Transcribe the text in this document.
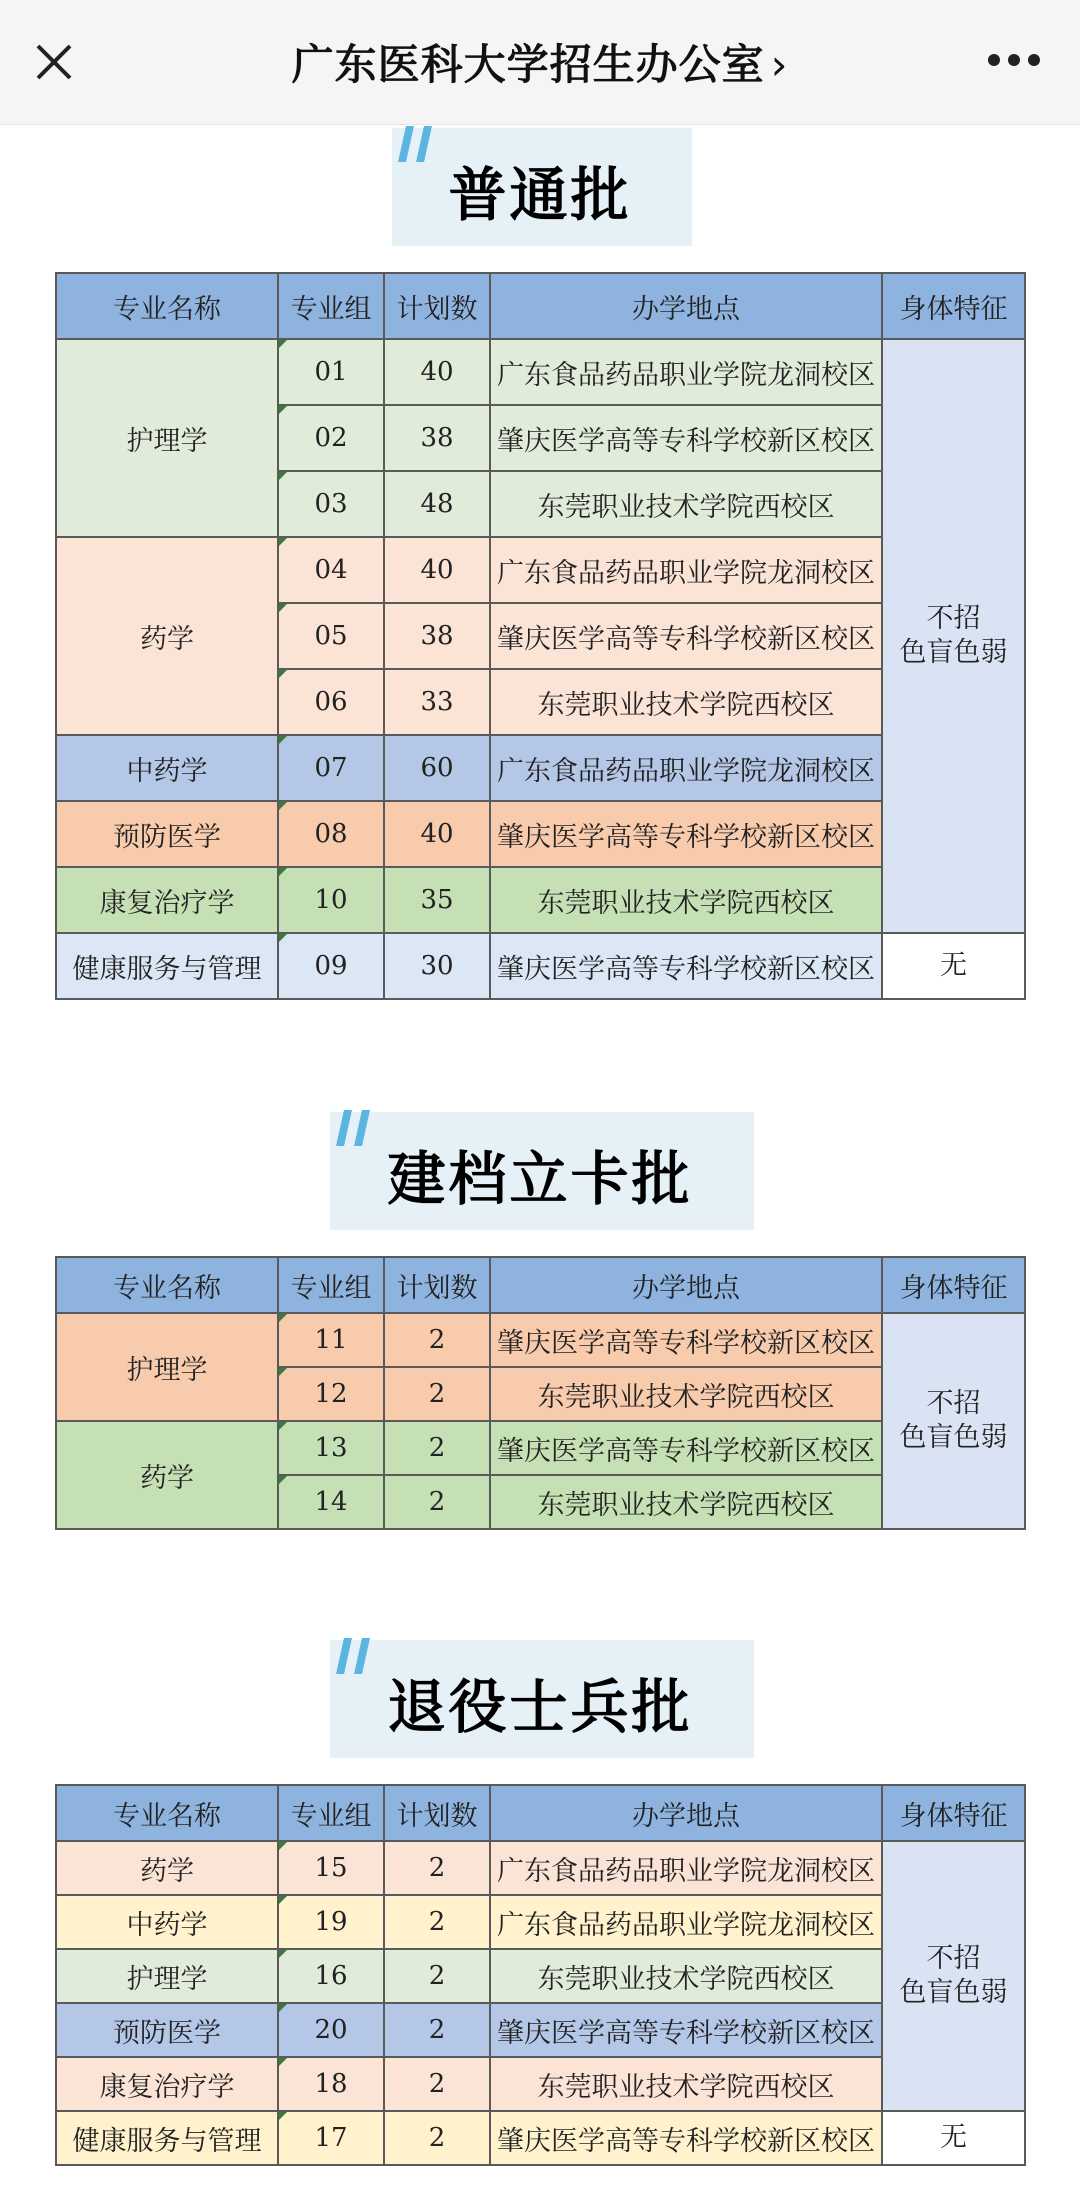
广东医科大学招生办公室 ›
普通批
专业名称	专业组	计划数	办学地点	身体特征
护理学	01	40	广东食品药品职业学院龙洞校区	不招
色盲色弱

02	38	肇庆医学高等专科学校新区校区	

03	48	东莞职业技术学院西校区	
药学	04	40	广东食品药品职业学院龙洞校区	

05	38	肇庆医学高等专科学校新区校区	

06	33	东莞职业技术学院西校区	
中药学	07	60	广东食品药品职业学院龙洞校区	
预防医学	08	40	肇庆医学高等专科学校新区校区	
康复治疗学	10	35	东莞职业技术学院西校区	
健康服务与管理	09	30	肇庆医学高等专科学校新区校区	无
建档立卡批
专业名称	专业组	计划数	办学地点	身体特征
护理学	11	2	肇庆医学高等专科学校新区校区	不招
色盲色弱

12	2	东莞职业技术学院西校区	
药学	13	2	肇庆医学高等专科学校新区校区	

14	2	东莞职业技术学院西校区	
退役士兵批
专业名称	专业组	计划数	办学地点	身体特征
药学	15	2	广东食品药品职业学院龙洞校区	不招
色盲色弱
中药学	19	2	广东食品药品职业学院龙洞校区	
护理学	16	2	东莞职业技术学院西校区	
预防医学	20	2	肇庆医学高等专科学校新区校区	
康复治疗学	18	2	东莞职业技术学院西校区	
健康服务与管理	17	2	肇庆医学高等专科学校新区校区	无
